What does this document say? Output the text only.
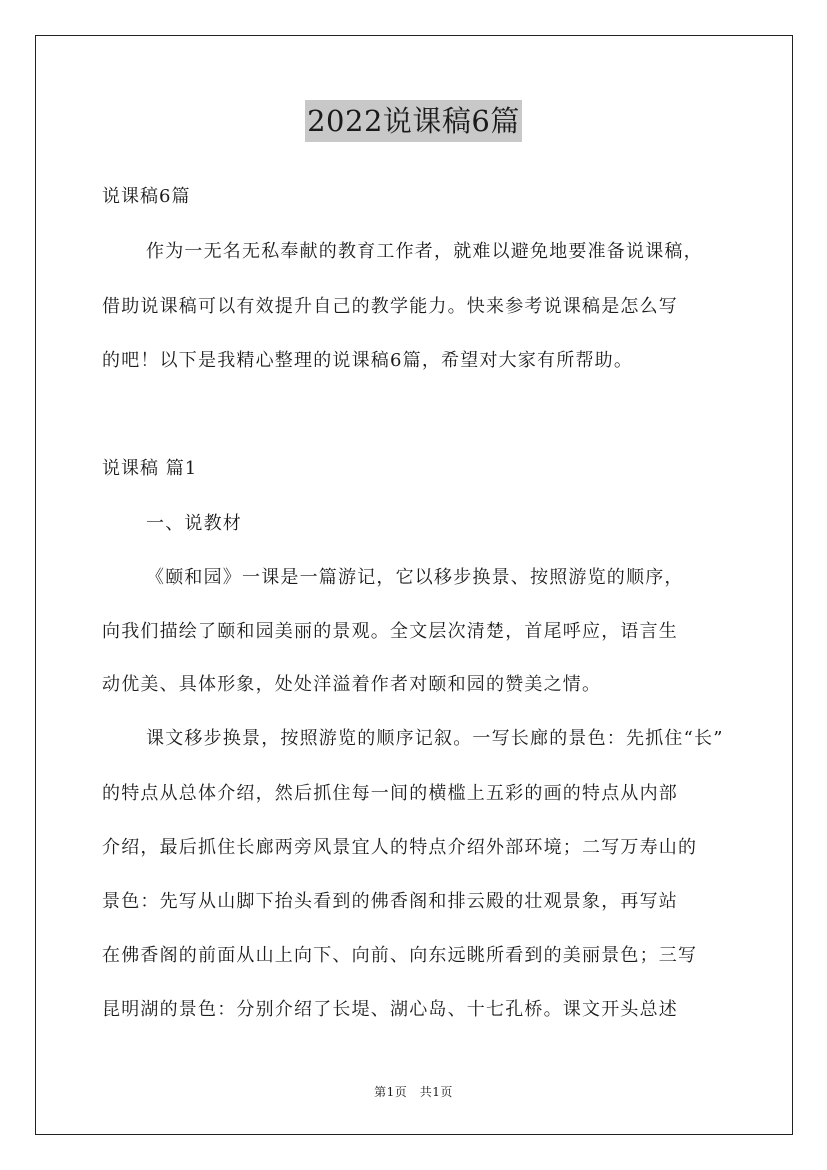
2022说课稿6篇
说课稿6篇
作为一无名无私奉献的教育工作者，就难以避免地要准备说课稿，
借助说课稿可以有效提升自己的教学能力。快来参考说课稿是怎么写
的吧！以下是我精心整理的说课稿6篇，希望对大家有所帮助。
说课稿 篇1
一、说教材
《颐和园》一课是一篇游记，它以移步换景、按照游览的顺序，
向我们描绘了颐和园美丽的景观。全文层次清楚，首尾呼应，语言生
动优美、具体形象，处处洋溢着作者对颐和园的赞美之情。
课文移步换景，按照游览的顺序记叙。一写长廊的景色：先抓住“长”
的特点从总体介绍，然后抓住每一间的横槛上五彩的画的特点从内部
介绍，最后抓住长廊两旁风景宜人的特点介绍外部环境；二写万寿山的
景色：先写从山脚下抬头看到的佛香阁和排云殿的壮观景象，再写站
在佛香阁的前面从山上向下、向前、向东远眺所看到的美丽景色；三写
昆明湖的景色：分别介绍了长堤、湖心岛、十七孔桥。课文开头总述
第1页　共1页
